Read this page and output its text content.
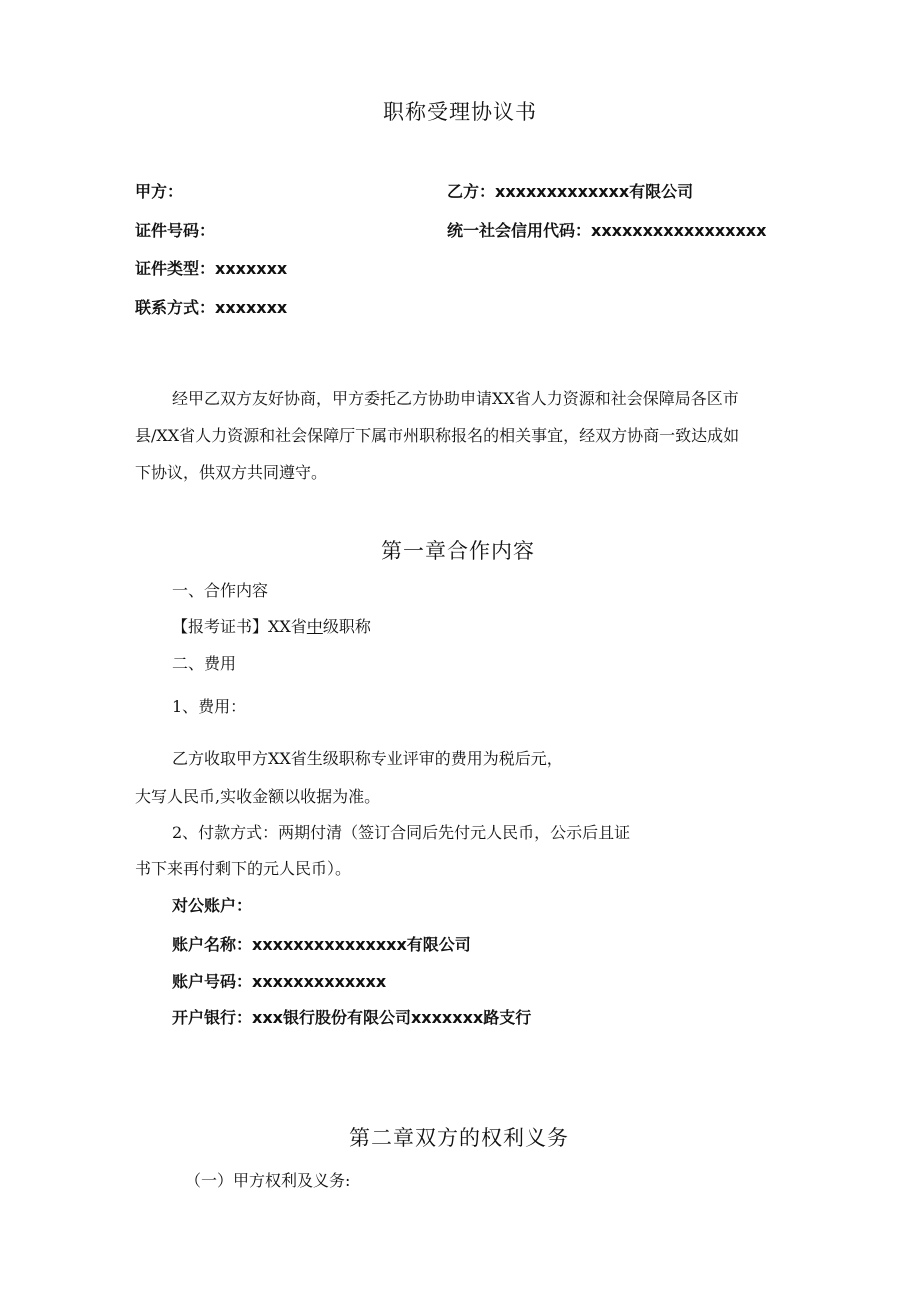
职称受理协议书
甲方：	乙方：xxxxxxxxxxxxx有限公司
证件号码：	统一社会信用代码：xxxxxxxxxxxxxxxxx
证件类型：xxxxxxx
联系方式：xxxxxxx
经甲乙双方友好协商，甲方委托乙方协助申请XX省人力资源和社会保障局各区市
县/XX省人力资源和社会保障厅下属市州职称报名的相关事宜，经双方协商一致达成如
下协议，供双方共同遵守。
第一章合作内容
一、合作内容
【报考证书】XX省中级职称
二、费用
1、费用：
乙方收取甲方XX省生级职称专业评审的费用为税后元，
大写人民币,实收金额以收据为准。
2、付款方式：两期付清（签订合同后先付元人民币，公示后且证
书下来再付剩下的元人民币）。
对公账户：
账户名称：xxxxxxxxxxxxxxx有限公司
账户号码：xxxxxxxxxxxxx
开户银行：xxx银行股份有限公司xxxxxxx路支行
第二章双方的权利义务
（一）甲方权利及义务:
